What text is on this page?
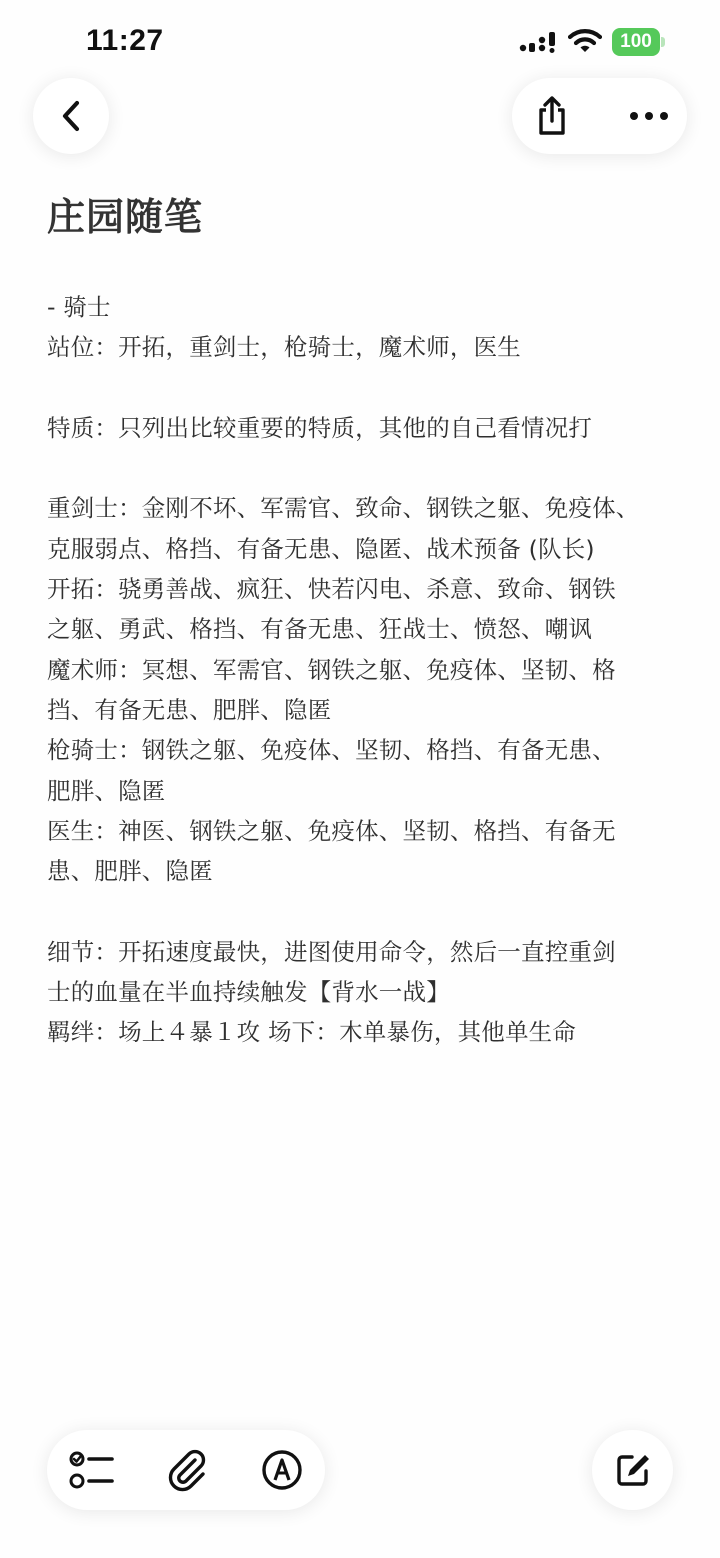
11:27	100
庄园随笔
- 骑士
站位：开拓，重剑士，枪骑士，魔术师，医生
特质：只列出比较重要的特质，其他的自己看情况打
重剑士：金刚不坏、军需官、致命、钢铁之躯、免疫体、
克服弱点、格挡、有备无患、隐匿、战术预备 (队长)
开拓：骁勇善战、疯狂、快若闪电、杀意、致命、钢铁
之躯、勇武、格挡、有备无患、狂战士、愤怒、嘲讽
魔术师：冥想、军需官、钢铁之躯、免疫体、坚韧、格
挡、有备无患、肥胖、隐匿
枪骑士：钢铁之躯、免疫体、坚韧、格挡、有备无患、
肥胖、隐匿
医生：神医、钢铁之躯、免疫体、坚韧、格挡、有备无
患、肥胖、隐匿
细节：开拓速度最快，进图使用命令，然后一直控重剑
士的血量在半血持续触发【背水一战】
羁绊：场上４暴１攻 场下：木单暴伤，其他单生命
